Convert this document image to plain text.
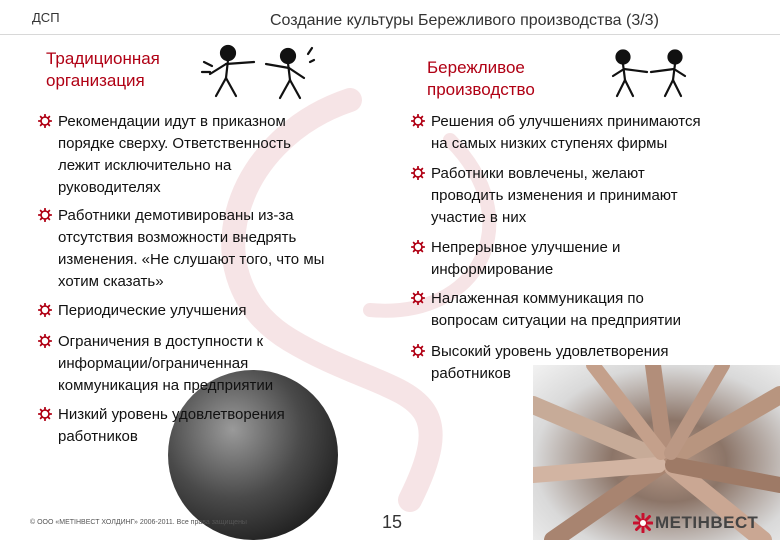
ДСП	Создание культуры Бережливого производства (3/3)
Традиционная
организация
Бережливое
производство
Рекомендации идут в приказном
порядке сверху. Ответственность
лежит исключительно на
руководителях
Работники демотивированы из-за
отсутствия возможности внедрять
изменения. «Не слушают того, что мы
хотим сказать»
Периодические улучшения
Ограничения в доступности к
информации/ограниченная
коммуникация на предприятии
Низкий уровень удовлетворения
работников
Решения об улучшениях принимаются
на самых низких ступенях фирмы
Работники вовлечены, желают
проводить изменения и принимают
участие в них
Непрерывное улучшение и
информирование
Налаженная коммуникация по
вопросам ситуации на предприятии
Высокий уровень удовлетворения
работников
© ООО «МЕТІНВЕСТ ХОЛДИНГ» 2006-2011. Все права защищены	15	МЕТІНВЕСТ
